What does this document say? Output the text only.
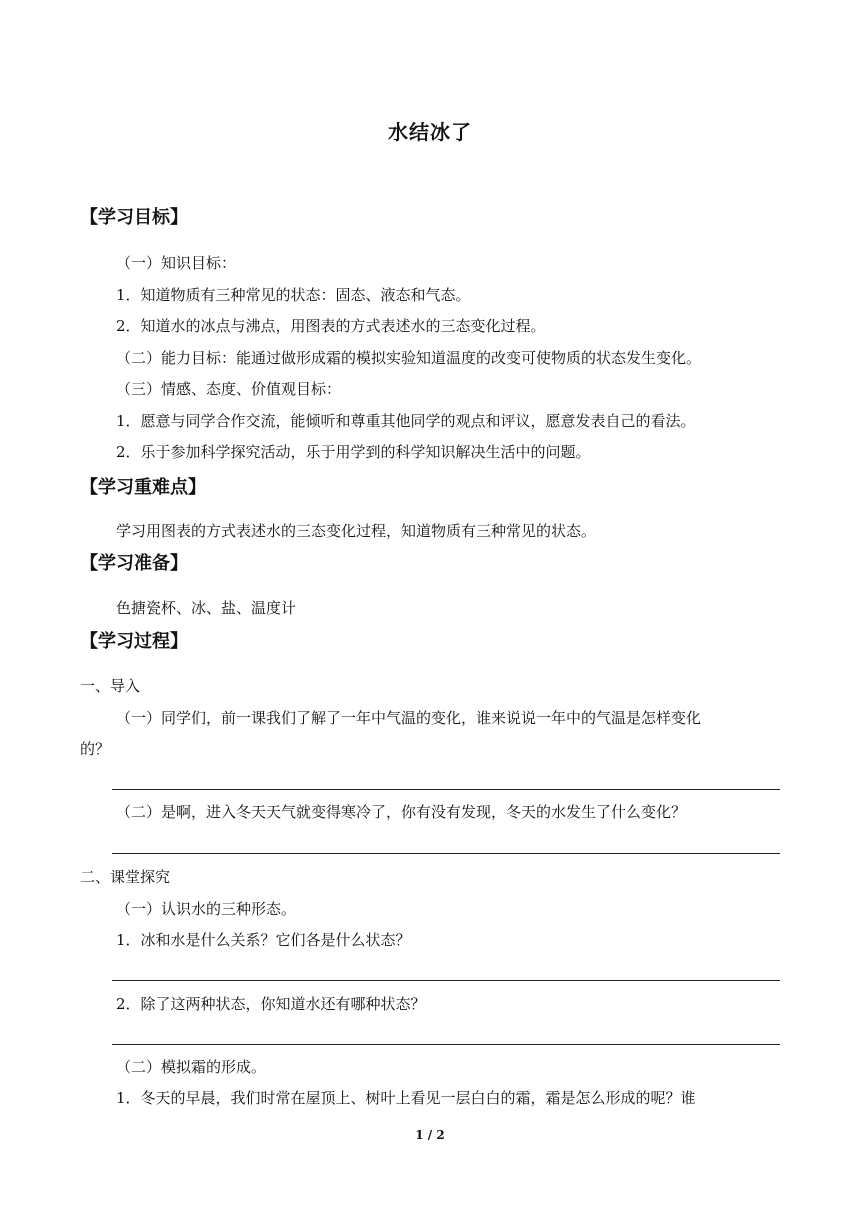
水结冰了
【学习目标】
（一）知识目标：
1．知道物质有三种常见的状态：固态、液态和气态。
2．知道水的冰点与沸点，用图表的方式表述水的三态变化过程。
（二）能力目标：能通过做形成霜的模拟实验知道温度的改变可使物质的状态发生变化。
（三）情感、态度、价值观目标：
1．愿意与同学合作交流，能倾听和尊重其他同学的观点和评议，愿意发表自己的看法。
2．乐于参加科学探究活动，乐于用学到的科学知识解决生活中的问题。
【学习重难点】
学习用图表的方式表述水的三态变化过程，知道物质有三种常见的状态。
【学习准备】
色搪瓷杯、冰、盐、温度计
【学习过程】
一、导入
（一）同学们，前一课我们了解了一年中气温的变化，谁来说说一年中的气温是怎样变化
的？
（二）是啊，进入冬天天气就变得寒冷了，你有没有发现，冬天的水发生了什么变化？
二、课堂探究
（一）认识水的三种形态。
1．冰和水是什么关系？它们各是什么状态？
2．除了这两种状态，你知道水还有哪种状态？
（二）模拟霜的形成。
1．冬天的早晨，我们时常在屋顶上、树叶上看见一层白白的霜，霜是怎么形成的呢？谁
1 / 2
